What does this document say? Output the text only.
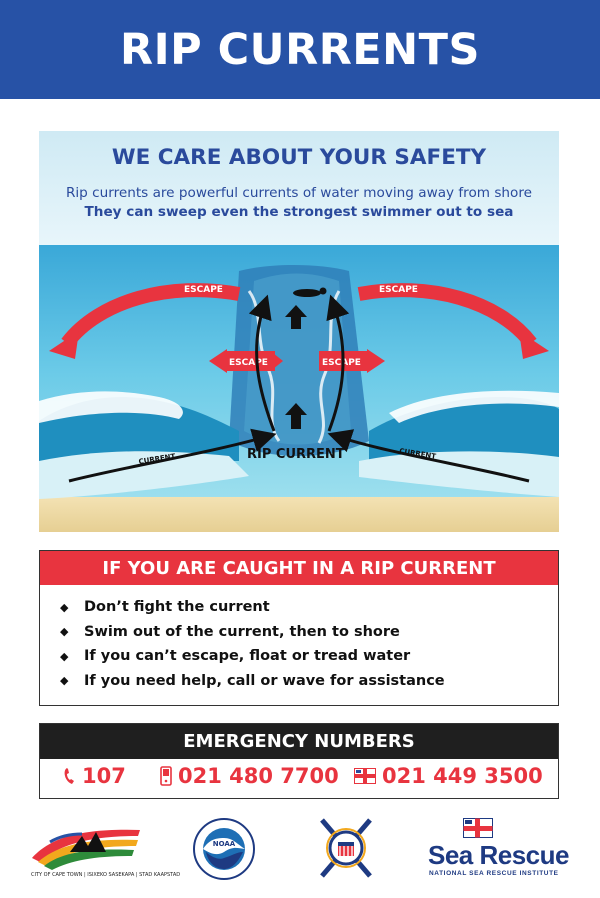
RIP CURRENTS
ESCAPE	ESCAPE
ESCAPE	ESCAPE
CURRENT	CURRENT
RIP CURRENT
WE CARE ABOUT YOUR SAFETY
Rip currents are powerful currents of water moving away from shore
They can sweep even the strongest swimmer out to sea
IF YOU ARE CAUGHT IN A RIP CURRENT
◆	Don’t fight the current
◆	Swim out of the current, then to shore
◆	If you can’t escape, float or tread water
◆	If you need help, call or wave for assistance
EMERGENCY NUMBERS
107 021 480 7700 021 449 3500
CITY OF CAPE TOWN | ISIXEKO SASEKAPA | STAD KAAPSTAD
NOAA	Sea Rescue
NATIONAL SEA RESCUE INSTITUTE
